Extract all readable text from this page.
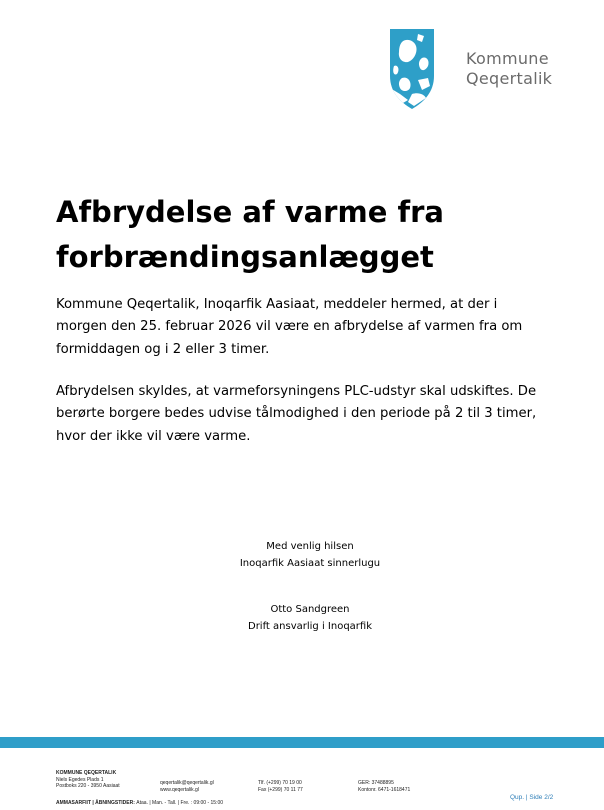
Kommune
Qeqertalik
Afbrydelse af varme fra
forbrændingsanlægget

Kommune Qeqertalik, Inoqarfik Aasiaat, meddeler hermed, at der i
morgen den 25. februar 2026 vil være en afbrydelse af varmen fra om
formiddagen og i 2 eller 3 timer.

Afbrydelsen skyldes, at varmeforsyningens PLC-udstyr skal udskiftes. De
berørte borgere bedes udvise tålmodighed i den periode på 2 til 3 timer,
hvor der ikke vil være varme.

Med venlig hilsen
Inoqarfik Aasiaat sinnerlugu
Otto Sandgreen
Drift ansvarlig i Inoqarfik
KOMMUNE QEQERTALIK
Niels Egedes Plads 1
Postboks 220 - 3950 Aasiaat	qeqertalik@qeqertalik.gl
www.qeqertalik.gl
Tlf. (+299) 70 19 00
Fax (+299) 70 11 77
GER: 37488895
Kontonr. 6471-1618471
AMMASARFIIT | ÅBNINGSTIDER: Ataa. | Man. - Tall. | Fre. : 09:00 - 15:00
Qup. | Side 2/2
